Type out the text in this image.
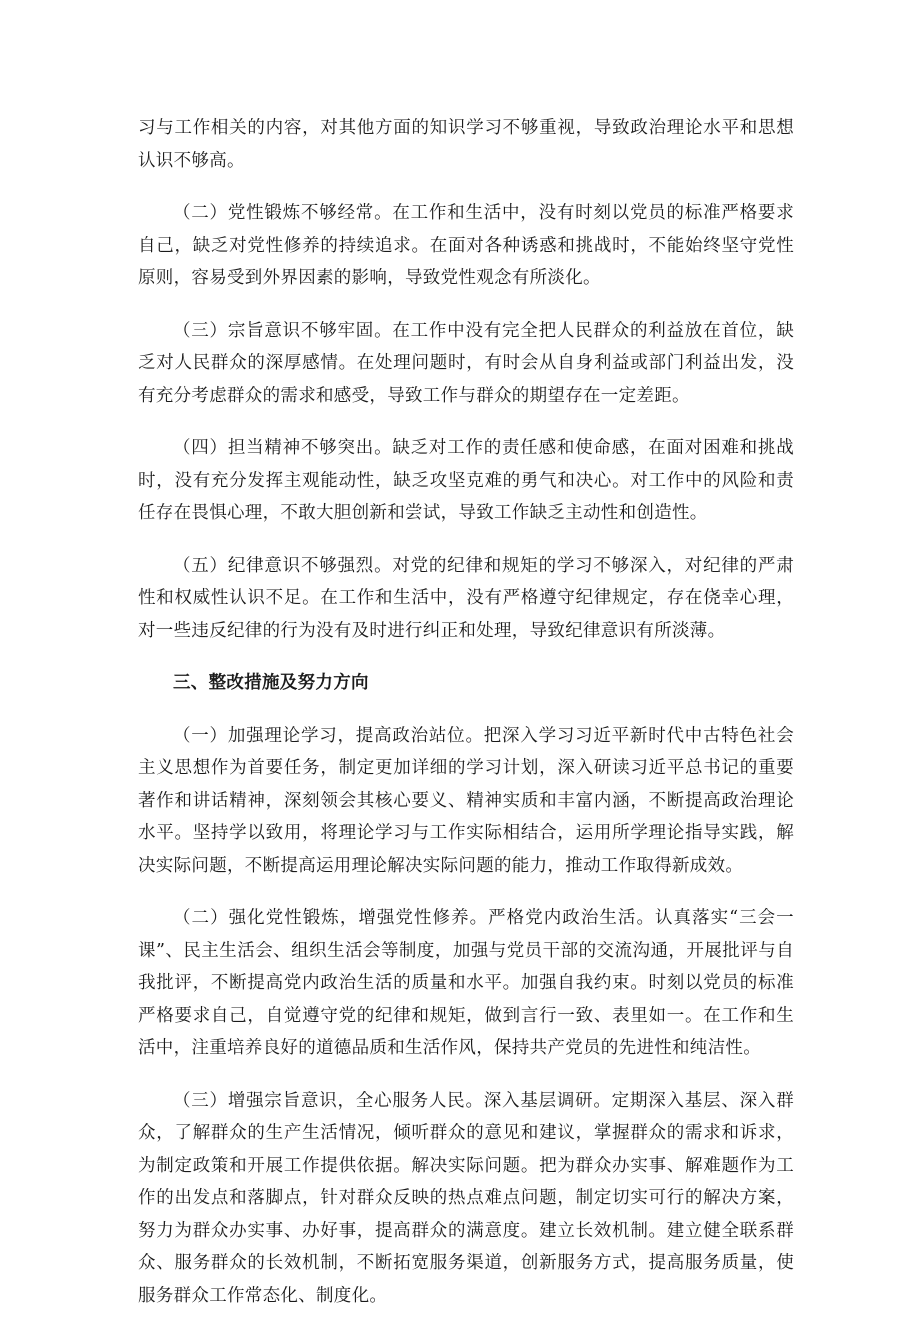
习与工作相关的内容，对其他方面的知识学习不够重视，导致政治理论水平和思想认识不够高。

（二）党性锻炼不够经常。在工作和生活中，没有时刻以党员的标准严格要求自己，缺乏对党性修养的持续追求。在面对各种诱惑和挑战时，不能始终坚守党性原则，容易受到外界因素的影响，导致党性观念有所淡化。

（三）宗旨意识不够牢固。在工作中没有完全把人民群众的利益放在首位，缺乏对人民群众的深厚感情。在处理问题时，有时会从自身利益或部门利益出发，没有充分考虑群众的需求和感受，导致工作与群众的期望存在一定差距。

（四）担当精神不够突出。缺乏对工作的责任感和使命感，在面对困难和挑战时，没有充分发挥主观能动性，缺乏攻坚克难的勇气和决心。对工作中的风险和责任存在畏惧心理，不敢大胆创新和尝试，导致工作缺乏主动性和创造性。

（五）纪律意识不够强烈。对党的纪律和规矩的学习不够深入，对纪律的严肃性和权威性认识不足。在工作和生活中，没有严格遵守纪律规定，存在侥幸心理，对一些违反纪律的行为没有及时进行纠正和处理，导致纪律意识有所淡薄。

三、整改措施及努力方向

（一）加强理论学习，提高政治站位。把深入学习习近平新时代中古特色社会主义思想作为首要任务，制定更加详细的学习计划，深入研读习近平总书记的重要著作和讲话精神，深刻领会其核心要义、精神实质和丰富内涵，不断提高政治理论水平。坚持学以致用，将理论学习与工作实际相结合，运用所学理论指导实践，解决实际问题，不断提高运用理论解决实际问题的能力，推动工作取得新成效。

（二）强化党性锻炼，增强党性修养。严格党内政治生活。认真落实“三会一课”、民主生活会、组织生活会等制度，加强与党员干部的交流沟通，开展批评与自我批评，不断提高党内政治生活的质量和水平。加强自我约束。时刻以党员的标准严格要求自己，自觉遵守党的纪律和规矩，做到言行一致、表里如一。在工作和生活中，注重培养良好的道德品质和生活作风，保持共产党员的先进性和纯洁性。

（三）增强宗旨意识，全心服务人民。深入基层调研。定期深入基层、深入群众，了解群众的生产生活情况，倾听群众的意见和建议，掌握群众的需求和诉求，为制定政策和开展工作提供依据。解决实际问题。把为群众办实事、解难题作为工作的出发点和落脚点，针对群众反映的热点难点问题，制定切实可行的解决方案，努力为群众办实事、办好事，提高群众的满意度。建立长效机制。建立健全联系群众、服务群众的长效机制，不断拓宽服务渠道，创新服务方式，提高服务质量，使服务群众工作常态化、制度化。
